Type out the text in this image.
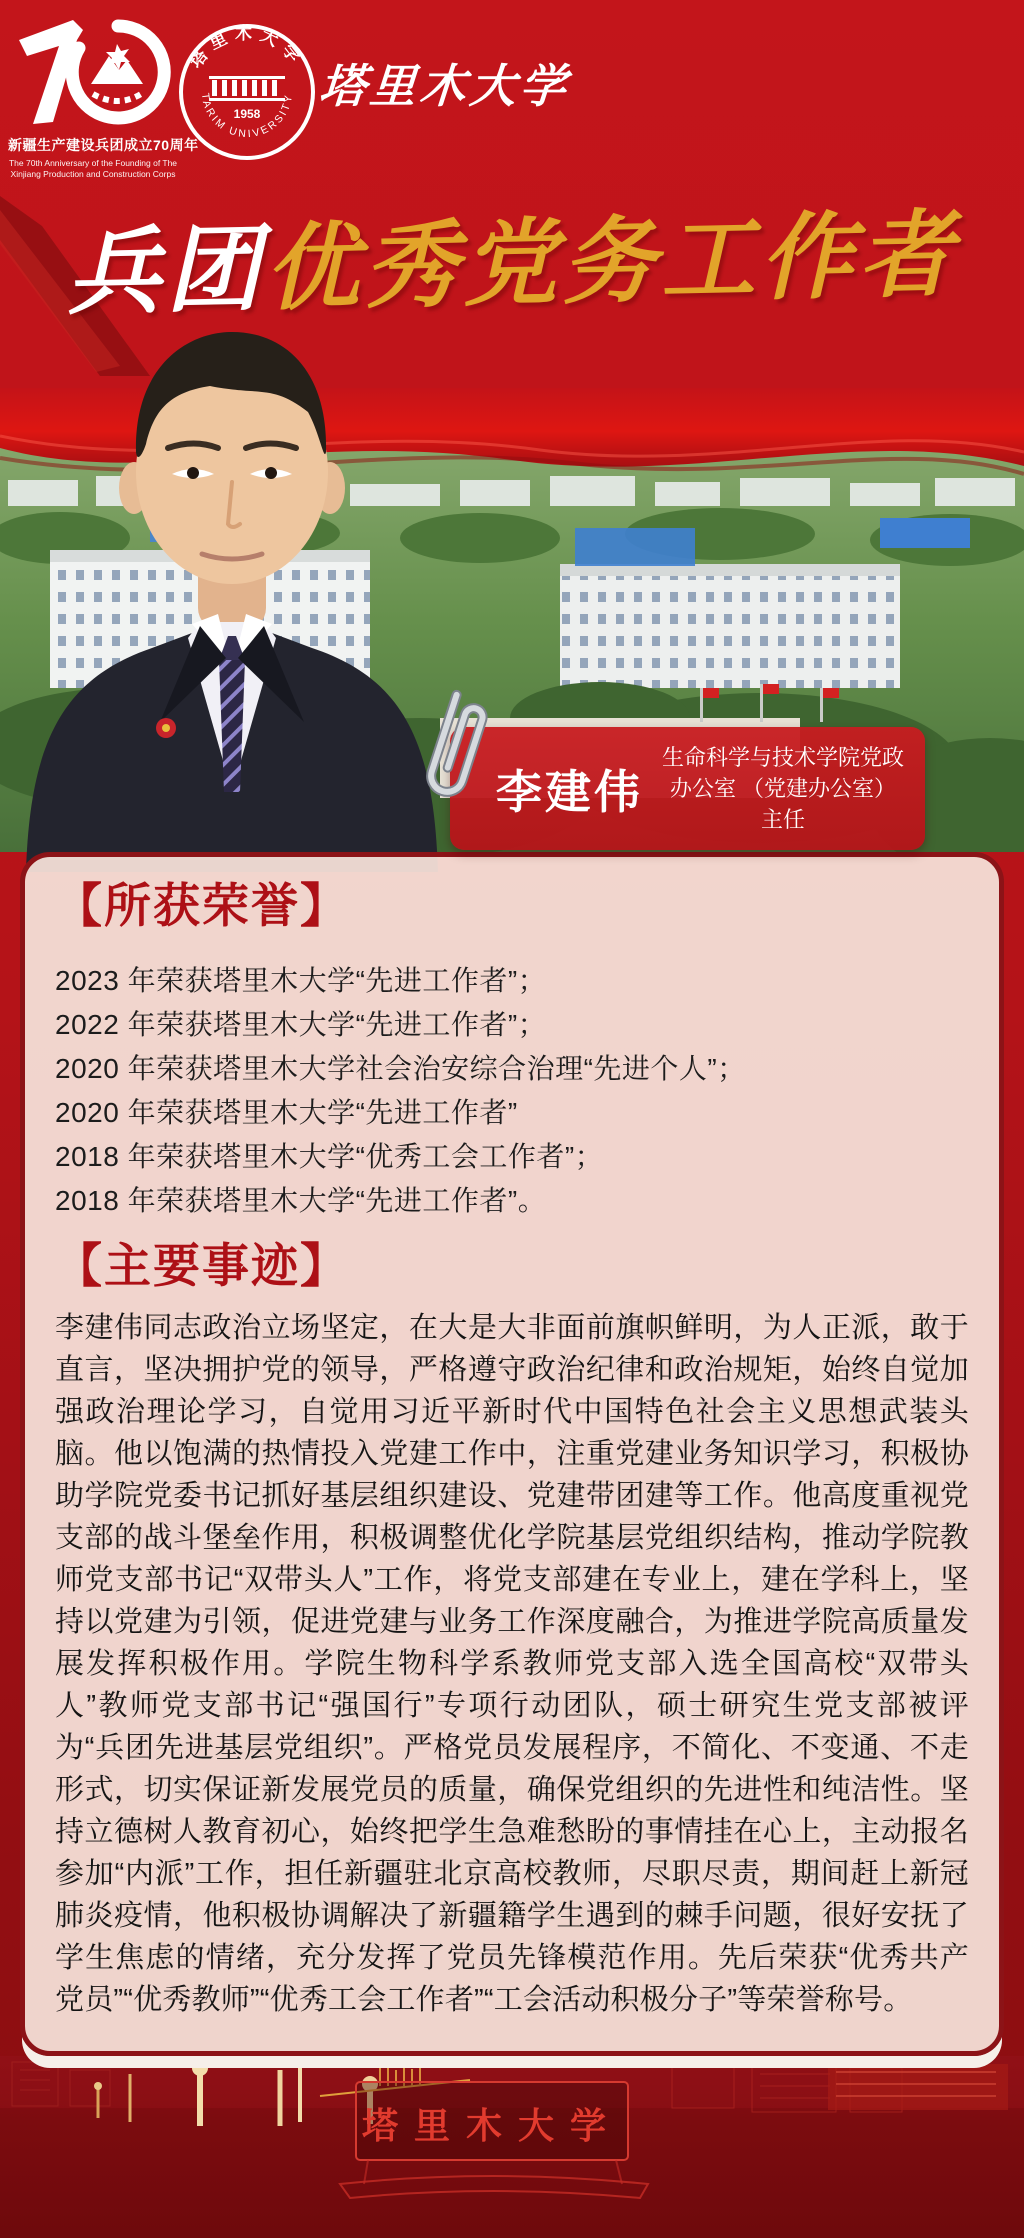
新疆生产建设兵团成立70周年
The 70th Anniversary of the Founding of The
Xinjiang Production and Construction Corps
塔里木大学
1958
TARIM UNIVERSITY 塔里木大学
兵团优秀党务工作者
李建伟
生命科学与技术学院党政办公室 （党建办公室） 主任
【所获荣誉】
2023 年荣获塔里木大学“先进工作者”；
2022 年荣获塔里木大学“先进工作者”；
2020 年荣获塔里木大学社会治安综合治理“先进个人”；
2020 年荣获塔里木大学“先进工作者”
2018 年荣获塔里木大学“优秀工会工作者”；
2018 年荣获塔里木大学“先进工作者”。
【主要事迹】
李建伟同志政治立场坚定，在大是大非面前旗帜鲜明，为人正派，敢于直言，坚决拥护党的领导，严格遵守政治纪律和政治规矩，始终自觉加强政治理论学习，自觉用习近平新时代中国特色社会主义思想武装头脑。他以饱满的热情投入党建工作中，注重党建业务知识学习，积极协助学院党委书记抓好基层组织建设、党建带团建等工作。他高度重视党支部的战斗堡垒作用，积极调整优化学院基层党组织结构，推动学院教师党支部书记“双带头人”工作，将党支部建在专业上，建在学科上，坚持以党建为引领，促进党建与业务工作深度融合，为推进学院高质量发展发挥积极作用。学院生物科学系教师党支部入选全国高校“双带头人”教师党支部书记“强国行”专项行动团队，硕士研究生党支部被评为“兵团先进基层党组织”。严格党员发展程序，不简化、不变通、不走形式，切实保证新发展党员的质量，确保党组织的先进性和纯洁性。坚持立德树人教育初心，始终把学生急难愁盼的事情挂在心上，主动报名参加“内派”工作，担任新疆驻北京高校教师，尽职尽责，期间赶上新冠肺炎疫情，他积极协调解决了新疆籍学生遇到的棘手问题，很好安抚了学生焦虑的情绪，充分发挥了党员先锋模范作用。先后荣获“优秀共产党员”“优秀教师”“优秀工会工作者”“工会活动积极分子”等荣誉称号。
塔里木大学
